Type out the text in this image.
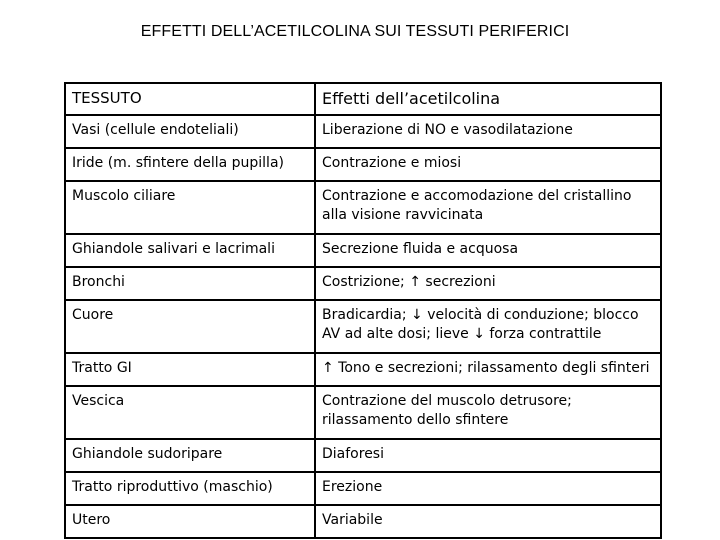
EFFETTI DELL’ACETILCOLINA SUI TESSUTI PERIFERICI
TESSUTO	Effetti dell’acetilcolina
Vasi (cellule endoteliali)	Liberazione di NO e vasodilatazione
Iride (m. sfintere della pupilla)	Contrazione e miosi
Muscolo ciliare	Contrazione e accomodazione del cristallino alla visione ravvicinata
Ghiandole salivari e lacrimali	Secrezione fluida e acquosa
Bronchi	Costrizione; ↑ secrezioni
Cuore	Bradicardia; ↓ velocità di conduzione; blocco AV ad alte dosi; lieve ↓ forza contrattile
Tratto GI	↑ Tono e secrezioni; rilassamento degli sfinteri
Vescica	Contrazione del muscolo detrusore; rilassamento dello sfintere
Ghiandole sudoripare	Diaforesi
Tratto riproduttivo (maschio)	Erezione
Utero	Variabile
